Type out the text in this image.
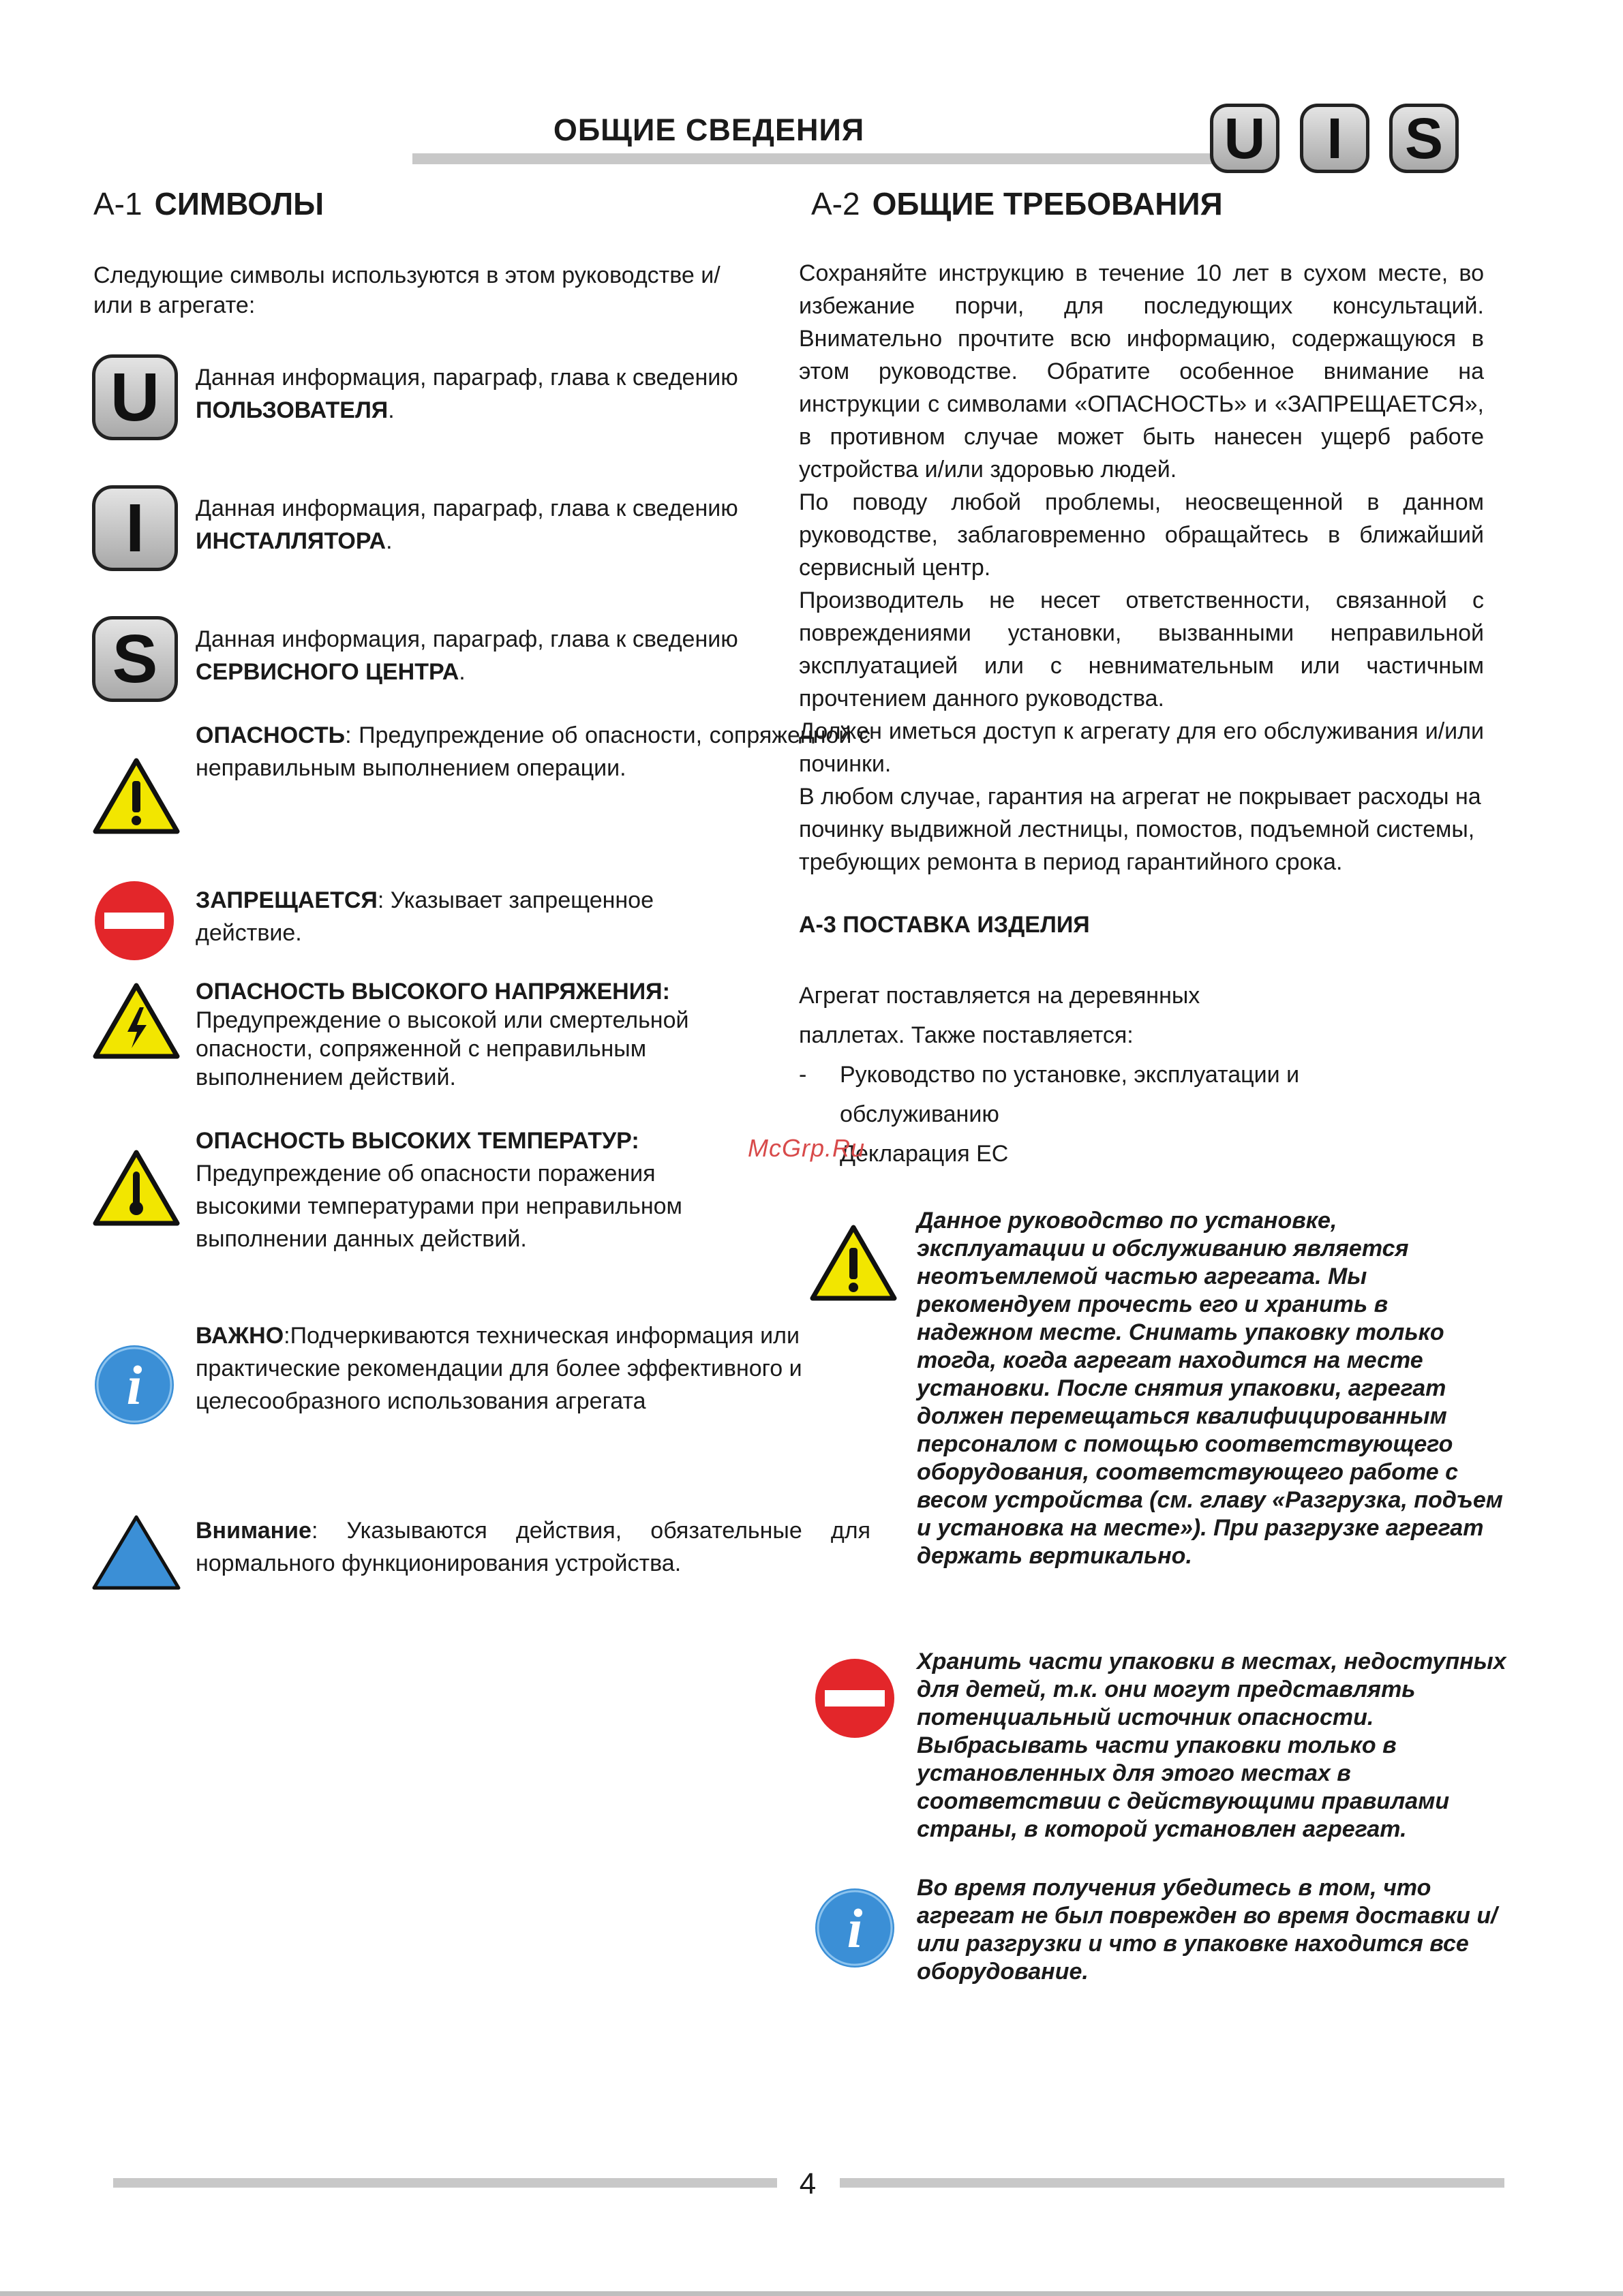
ОБЩИЕ СВЕДЕНИЯ	U	I	S
A-1 СИМВОЛЫ
Следующие символы используются в этом руководстве и/или в агрегате:
U	Данная информация, параграф, глава к сведению
ПОЛЬЗОВАТЕЛЯ.
I	Данная информация, параграф, глава к сведению
ИНСТАЛЛЯТОРА.
S	Данная информация, параграф, глава к сведению
СЕРВИСНОГО ЦЕНТРА.
ОПАСНОСТЬ: Предупреждение об опасности, сопряженной с неправильным выполнением операции.
ЗАПРЕЩАЕТСЯ: Указывает запрещенное действие.
ОПАСНОСТЬ ВЫСОКОГО НАПРЯЖЕНИЯ:
Предупреждение о высокой или смертельной опасности, сопряженной с неправильным выполнением действий.
ОПАСНОСТЬ ВЫСОКИХ ТЕМПЕРАТУР:
Предупреждение об опасности поражения высокими температурами при неправильном выполнении данных действий.
i
ВАЖНО:Подчеркиваются техническая информация или практические рекомендации для более эффективного и целесообразного использования агрегата
Внимание: Указываются действия, обязательные для нормального функционирования устройства.
A-2 ОБЩИЕ ТРЕБОВАНИЯ

Сохраняйте инструкцию в течение 10 лет в сухом месте, во избежание порчи, для последующих консультаций. Внимательно прочтите всю информацию, содержащуюся в этом руководстве. Обратите особенное внимание на инструкции с символами «ОПАСНОСТЬ» и «ЗАПРЕЩАЕТСЯ», в противном случае может быть нанесен ущерб работе устройства и/или здоровью людей.

По поводу любой проблемы, неосвещенной в данном руководстве, заблаговременно обращайтесь в ближайший сервисный центр.

Производитель не несет ответственности, связанной с повреждениями установки, вызванными неправильной эксплуатацией или с невнимательным или частичным прочтением данного руководства.

Должен иметься доступ к агрегату для его обслуживания и/или починки.

В любом случае, гарантия на агрегат не покрывает расходы на починку выдвижной лестницы, помостов, подъемной системы, требующих ремонта в период гарантийного срока.

A-3 ПОСТАВКА ИЗДЕЛИЯ
Агрегат поставляется на деревянных
паллетах. Также поставляется:
- Руководство по установке, эксплуатации и обслуживанию
Декларация ЕС
McGrp.Ru
Данное руководство по установке, эксплуатации и обслуживанию является неотъемлемой частью агрегата. Мы рекомендуем прочесть его и хранить в надежном месте. Снимать упаковку только тогда, когда агрегат находится на месте установки. После снятия упаковки, агрегат должен перемещаться квалифицированным персоналом с помощью соответствующего оборудования, соответствующего работе с весом устройства (см. главу «Разгрузка, подъем и установка на месте»). При разгрузке агрегат держать вертикально.
Хранить части упаковки в местах, недоступных для детей, т.к. они могут представлять потенциальный источник опасности. Выбрасывать части упаковки только в установленных для этого местах в соответствии с действующими правилами страны, в которой установлен агрегат.
i
Во время получения убедитесь в том, что агрегат не был поврежден во время доставки и/или разгрузки и что в упаковке находится все оборудование.
4
